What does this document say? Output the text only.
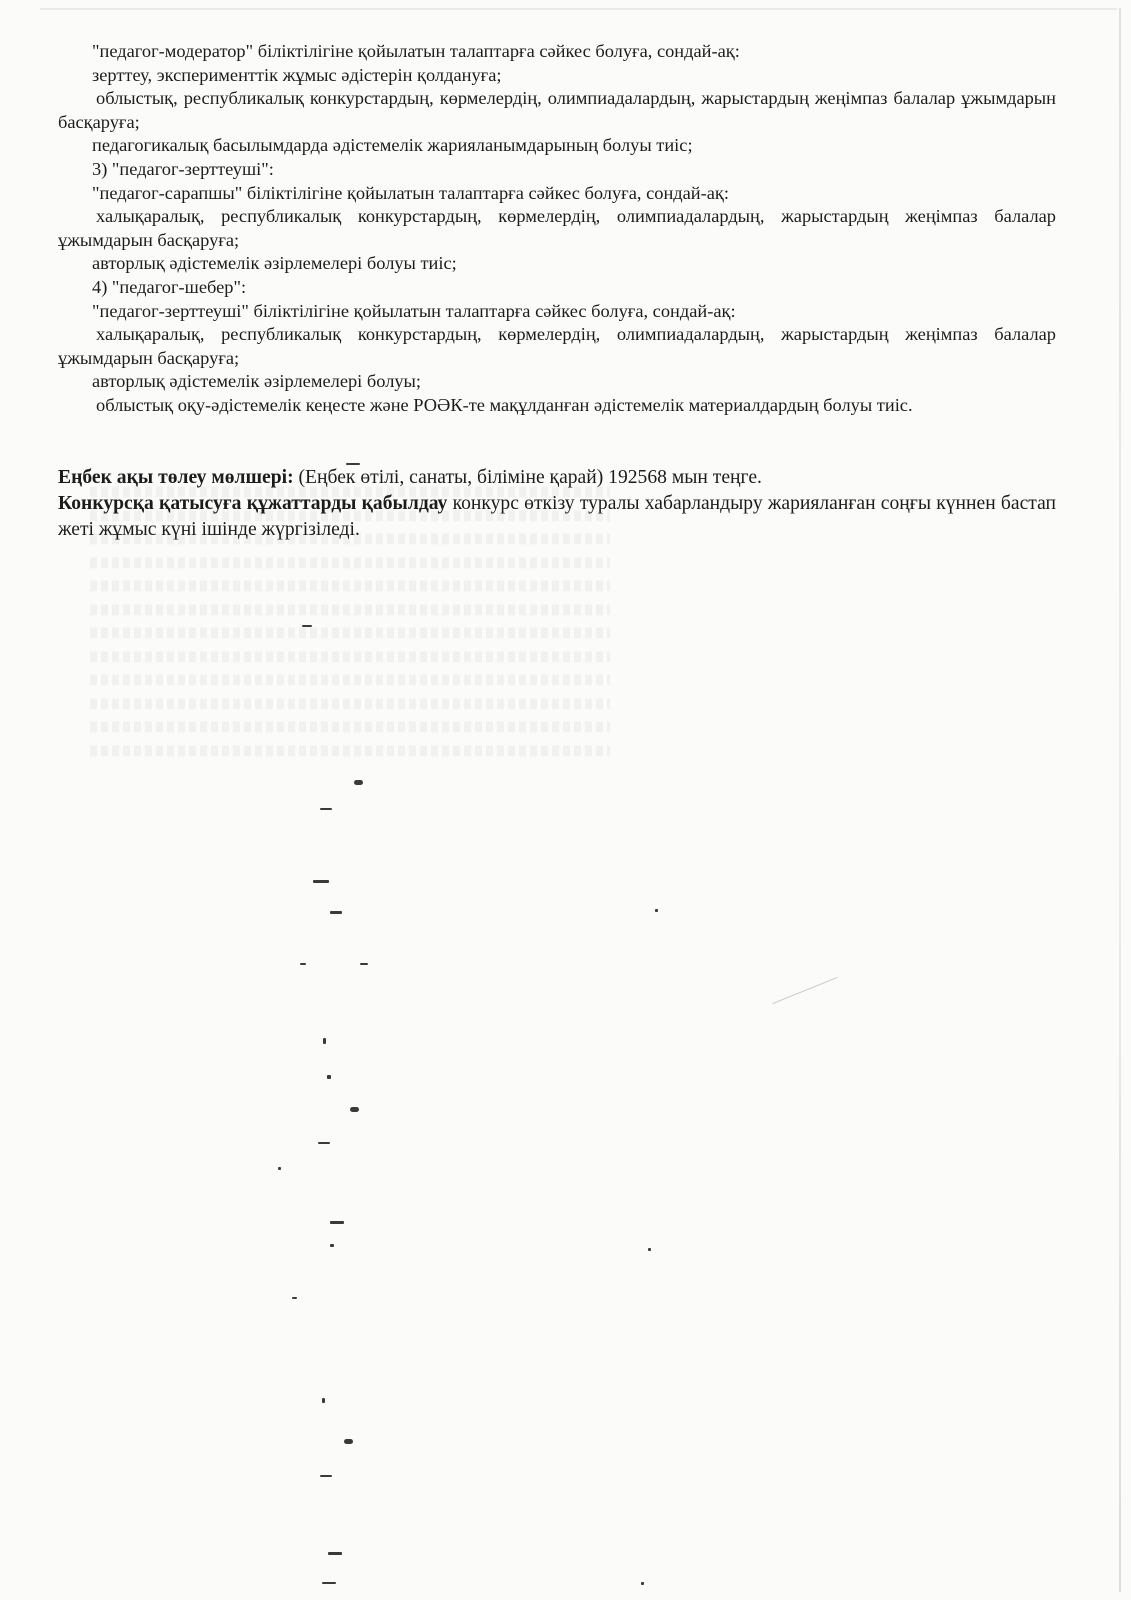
"педагог-модератор" біліктілігіне қойылатын талаптарға сәйкес болуға, сондай-ақ:

зерттеу, эксперименттік жұмыс әдістерін қолдануға;

облыстық, республикалық конкурстардың, көрмелердің, олимпиадалардың, жарыстардың жеңімпаз балалар ұжымдарын басқаруға;

педагогикалық басылымдарда әдістемелік жарияланымдарының болуы тиіс;

3) "педагог-зерттеуші":

"педагог-сарапшы" біліктілігіне қойылатын талаптарға сәйкес болуға, сондай-ақ:

халықаралық, республикалық конкурстардың, көрмелердің, олимпиадалардың, жарыстардың жеңімпаз балалар ұжымдарын басқаруға;

авторлық әдістемелік әзірлемелері болуы тиіс;

4) "педагог-шебер":

"педагог-зерттеуші" біліктілігіне қойылатын талаптарға сәйкес болуға, сондай-ақ:

халықаралық, республикалық конкурстардың, көрмелердің, олимпиадалардың, жарыстардың жеңімпаз балалар ұжымдарын басқаруға;

авторлық әдістемелік әзірлемелері болуы;

облыстық оқу-әдістемелік кеңесте және РОӘК-те мақұлданған әдістемелік материалдардың болуы тиіс.

Еңбек ақы төлеу мөлшері: (Еңбек өтілі, санаты, біліміне қарай) 192568 мын теңге.

Конкурсқа қатысуға құжаттарды қабылдау конкурс өткізу туралы хабарландыру жарияланған соңғы күннен бастап жеті жұмыс күні ішінде жүргізіледі.
